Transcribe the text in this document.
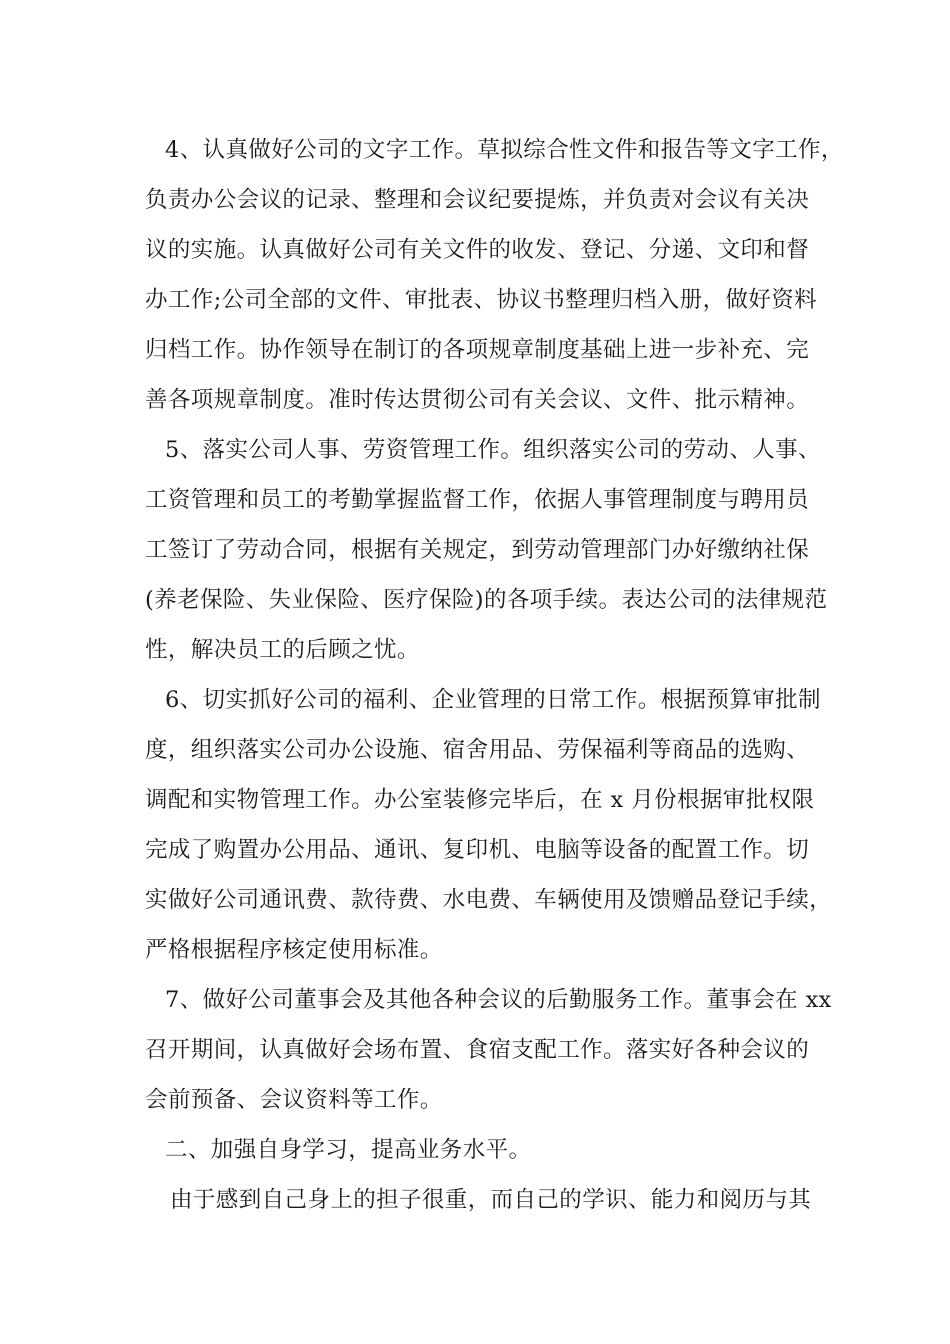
4、认真做好公司的文字工作。草拟综合性文件和报告等文字工作，

负责办公会议的记录、整理和会议纪要提炼，并负责对会议有关决

议的实施。认真做好公司有关文件的收发、登记、分递、文印和督

办工作;公司全部的文件、审批表、协议书整理归档入册，做好资料

归档工作。协作领导在制订的各项规章制度基础上进一步补充、完

善各项规章制度。准时传达贯彻公司有关会议、文件、批示精神。

5、落实公司人事、劳资管理工作。组织落实公司的劳动、人事、

工资管理和员工的考勤掌握监督工作，依据人事管理制度与聘用员

工签订了劳动合同，根据有关规定，到劳动管理部门办好缴纳社保

(养老保险、失业保险、医疗保险)的各项手续。表达公司的法律规范

性，解决员工的后顾之忧。

6、切实抓好公司的福利、企业管理的日常工作。根据预算审批制

度，组织落实公司办公设施、宿舍用品、劳保福利等商品的选购、

调配和实物管理工作。办公室装修完毕后，在 x 月份根据审批权限

完成了购置办公用品、通讯、复印机、电脑等设备的配置工作。切

实做好公司通讯费、款待费、水电费、车辆使用及馈赠品登记手续，

严格根据程序核定使用标准。

7、做好公司董事会及其他各种会议的后勤服务工作。董事会在 xx

召开期间，认真做好会场布置、食宿支配工作。落实好各种会议的

会前预备、会议资料等工作。

二、加强自身学习，提高业务水平。

由于感到自己身上的担子很重，而自己的学识、能力和阅历与其
